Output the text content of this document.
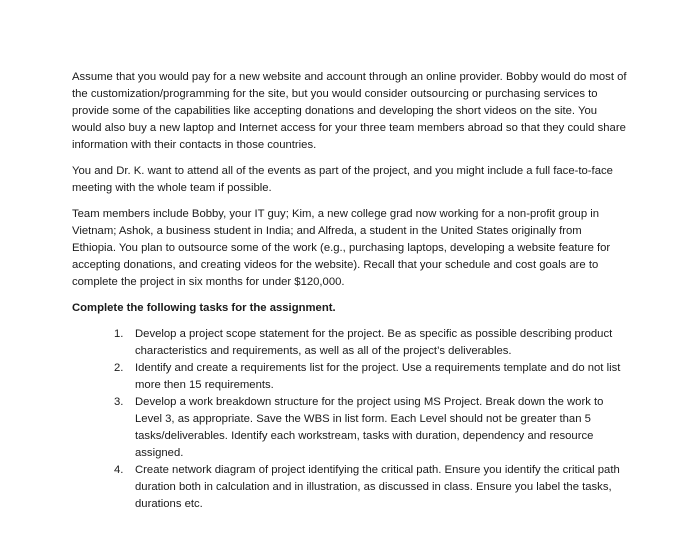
Assume that you would pay for a new website and account through an online provider. Bobby would do most of the customization/programming for the site, but you would consider outsourcing or purchasing services to provide some of the capabilities like accepting donations and developing the short videos on the site. You would also buy a new laptop and Internet access for your three team members abroad so that they could share information with their contacts in those countries.

You and Dr. K. want to attend all of the events as part of the project, and you might include a full face-to-face meeting with the whole team if possible.

Team members include Bobby, your IT guy; Kim, a new college grad now working for a non-profit group in Vietnam; Ashok, a business student in India; and Alfreda, a student in the United States originally from Ethiopia. You plan to outsource some of the work (e.g., purchasing laptops, developing a website feature for accepting donations, and creating videos for the website). Recall that your schedule and cost goals are to complete the project in six months for under $120,000.

Complete the following tasks for the assignment.

1. Develop a project scope statement for the project. Be as specific as possible describing product characteristics and requirements, as well as all of the project’s deliverables.
2. Identify and create a requirements list for the project. Use a requirements template and do not list more then 15 requirements.
3. Develop a work breakdown structure for the project using MS Project. Break down the work to Level 3, as appropriate. Save the WBS in list form. Each Level should not be greater than 5 tasks/deliverables. Identify each workstream, tasks with duration, dependency and resource assigned.
4. Create network diagram of project identifying the critical path. Ensure you identify the critical path duration both in calculation and in illustration, as discussed in class. Ensure you label the tasks, durations etc.
